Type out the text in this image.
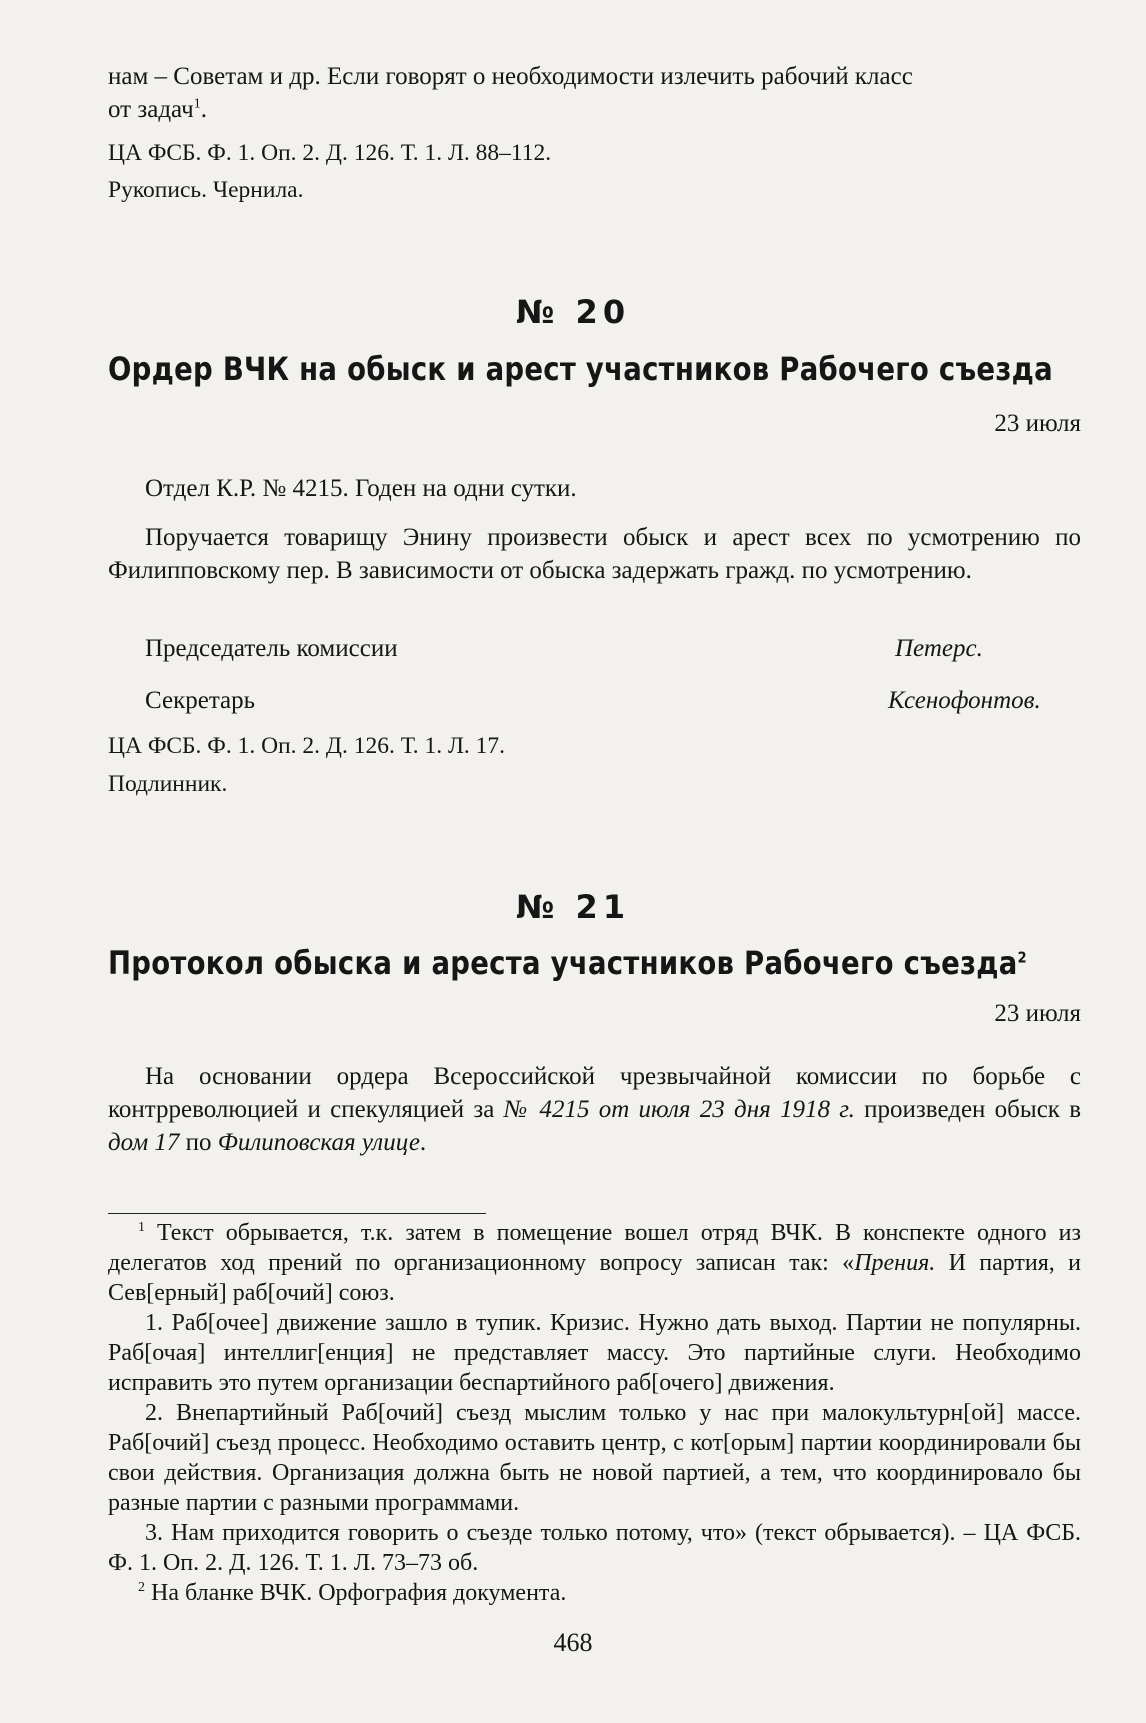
нам – Советам и др. Если говорят о необходимости излечить рабочий класс
от задач$^1$.
ЦА ФСБ. Ф. 1. Оп. 2. Д. 126. Т. 1. Л. 88–112.
Рукопись. Чернила.
№ 20
Ордер ВЧК на обыск и арест участников Рабочего съезда
23 июля
Отдел К.Р. № 4215. Годен на одни сутки.
Поручается товарищу Энину произвести обыск и арест всех по усмотрению по Филипповскому пер. В зависимости от обыска задержать гражд. по усмотрению.
Председатель комиссии	Петерс.
Секретарь	Ксенофонтов.
ЦА ФСБ. Ф. 1. Оп. 2. Д. 126. Т. 1. Л. 17.
Подлинник.
№ 21
Протокол обыска и ареста участников Рабочего съезда$^2$
23 июля
На основании ордера Всероссийской чрезвычайной комиссии по борьбе с контрреволюцией и спекуляцией за № 4215 от июля 23 дня 1918 г. произведен обыск в дом 17 по Филиповская улице.

$^1$ Текст обрывается, т.к. затем в помещение вошел отряд ВЧК. В конспекте одного из делегатов ход прений по организационному вопросу записан так: «Прения. И партия, и Сев[ерный] раб[очий] союз.

1. Раб[очее] движение зашло в тупик. Кризис. Нужно дать выход. Партии не популярны. Раб[очая] интеллиг[енция] не представляет массу. Это партийные слуги. Необходимо исправить это путем организации беспартийного раб[очего] движения.

2. Внепартийный Раб[очий] съезд мыслим только у нас при малокультурн[ой] массе. Раб[очий] съезд процесс. Необходимо оставить центр, с кот[орым] партии координировали бы свои действия. Организация должна быть не новой партией, а тем, что координировало бы разные партии с разными программами.

3. Нам приходится говорить о съезде только потому, что» (текст обрывается). – ЦА ФСБ. Ф. 1. Оп. 2. Д. 126. Т. 1. Л. 73–73 об.

$^2$ На бланке ВЧК. Орфография документа.

468
